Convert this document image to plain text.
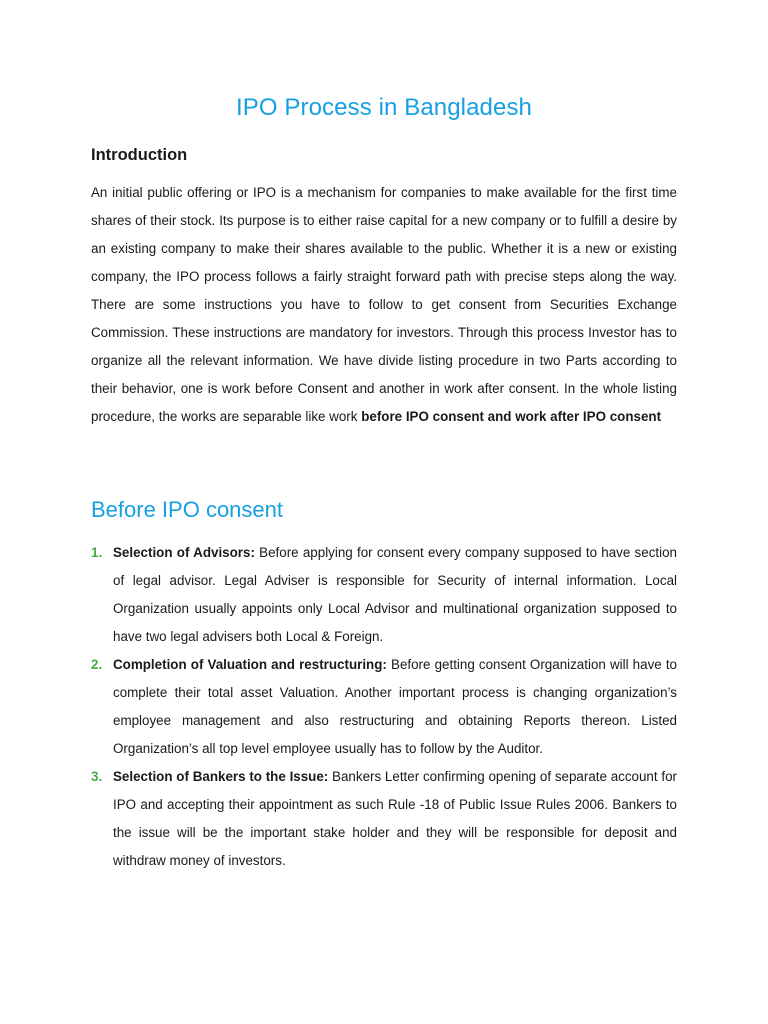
IPO Process in Bangladesh
Introduction

An initial public offering or IPO is a mechanism for companies to make available for the first time shares of their stock. Its purpose is to either raise capital for a new company or to fulfill a desire by an existing company to make their shares available to the public. Whether it is a new or existing company, the IPO process follows a fairly straight forward path with precise steps along the way. There are some instructions you have to follow to get consent from Securities Exchange Commission. These instructions are mandatory for investors. Through this process Investor has to organize all the relevant information. We have divide listing procedure in two Parts according to their behavior, one is work before Consent and another in work after consent. In the whole listing procedure, the works are separable like work before IPO consent and work after IPO consent

Before IPO consent
1. Selection of Advisors: Before applying for consent every company supposed to have section of legal advisor. Legal Adviser is responsible for Security of internal information. Local Organization usually appoints only Local Advisor and multinational organization supposed to have two legal advisers both Local & Foreign.
2. Completion of Valuation and restructuring: Before getting consent Organization will have to complete their total asset Valuation. Another important process is changing organization’s employee management and also restructuring and obtaining Reports thereon. Listed Organization’s all top level employee usually has to follow by the Auditor.
3. Selection of Bankers to the Issue: Bankers Letter confirming opening of separate account for IPO and accepting their appointment as such Rule -18 of Public Issue Rules 2006. Bankers to the issue will be the important stake holder and they will be responsible for deposit and withdraw money of investors.
